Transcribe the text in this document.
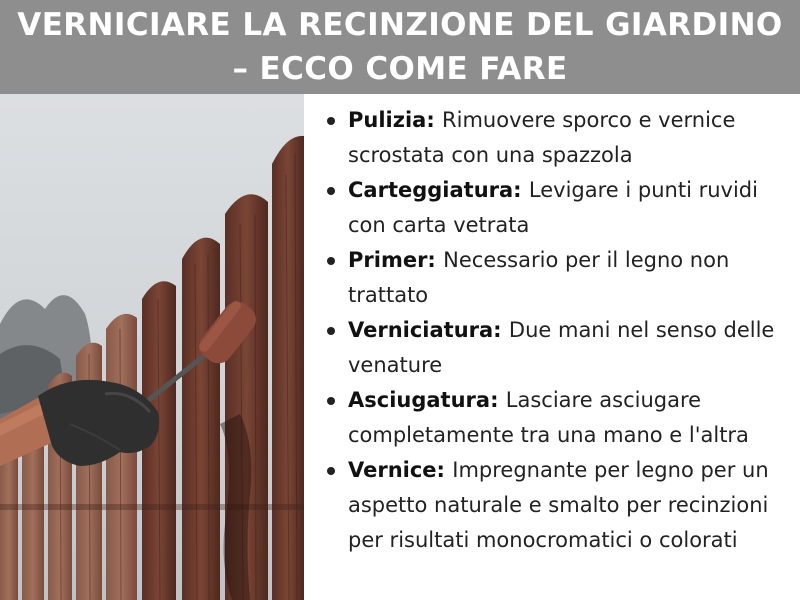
VERNICIARE LA RECINZIONE DEL GIARDINO – ECCO COME FARE
Pulizia: Rimuovere sporco e vernice scrostata con una spazzola
Carteggiatura: Levigare i punti ruvidi con carta vetrata
Primer: Necessario per il legno non trattato
Verniciatura: Due mani nel senso delle venature
Asciugatura: Lasciare asciugare completamente tra una mano e l'altra
Vernice: Impregnante per legno per un aspetto naturale e smalto per recinzioni per risultati monocromatici o colorati
